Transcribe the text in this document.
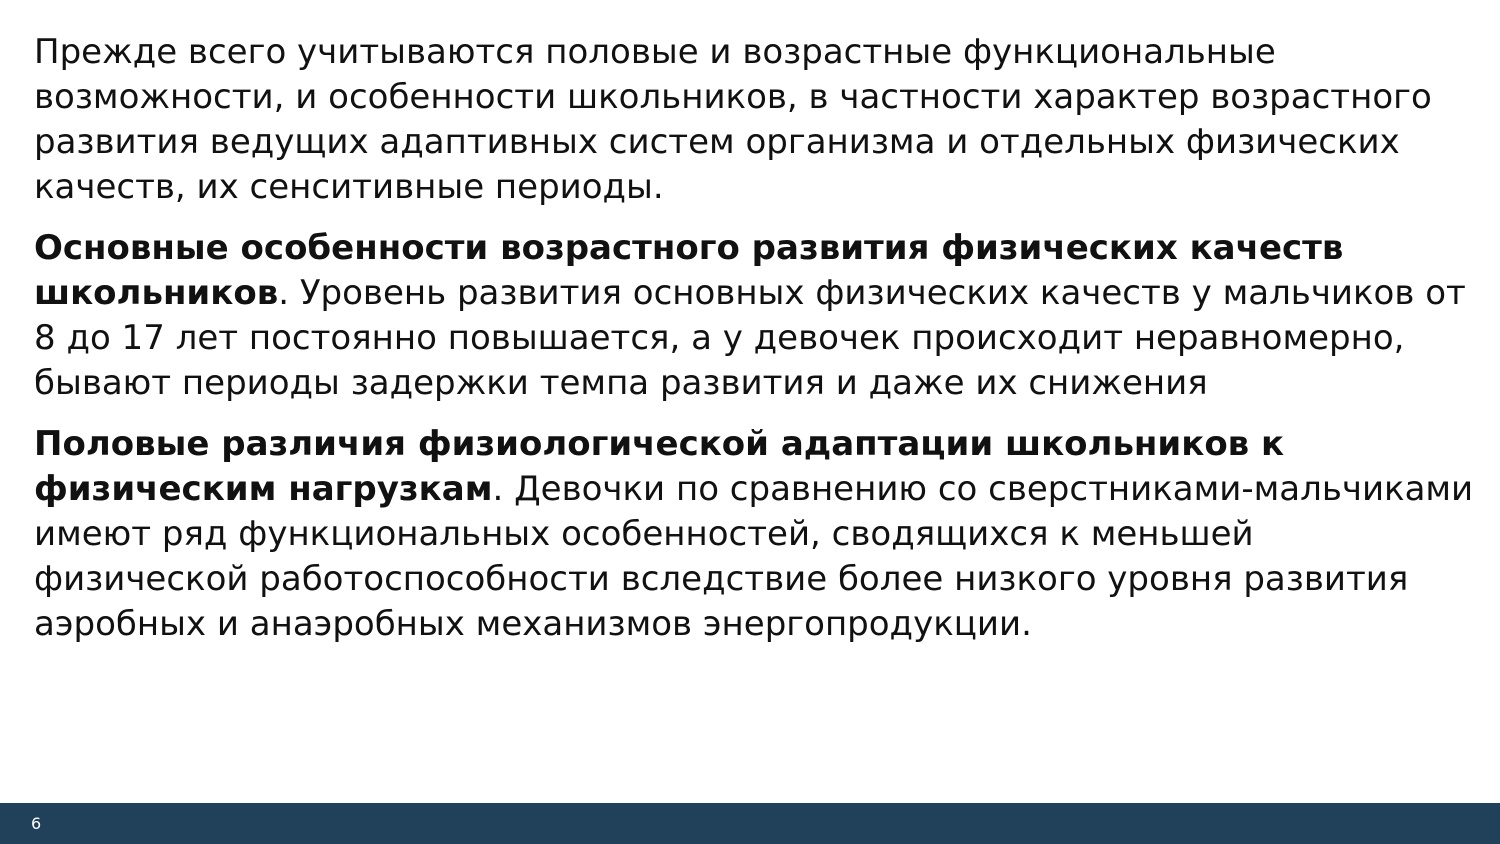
Прежде всего учитываются половые и возрастные функциональные возможности, и особенности школьников, в частности характер возрастного развития ведущих адаптивных систем организма и отдельных физических качеств, их сенситивные периоды.

Основные особенности возрастного развития физических качеств школьников. Уровень развития основных физических качеств у мальчиков от 8 до 17 лет постоянно повышается, а у девочек происходит неравномерно, бывают периоды задержки темпа развития и даже их снижения

Половые различия физиологической адаптации школьников к физическим нагрузкам. Девочки по сравнению со сверстниками-мальчиками имеют ряд функциональных особенностей, сводящихся к меньшей физической работоспособности вследствие более низкого уровня развития аэробных и анаэробных механизмов энергопродукции.

6
